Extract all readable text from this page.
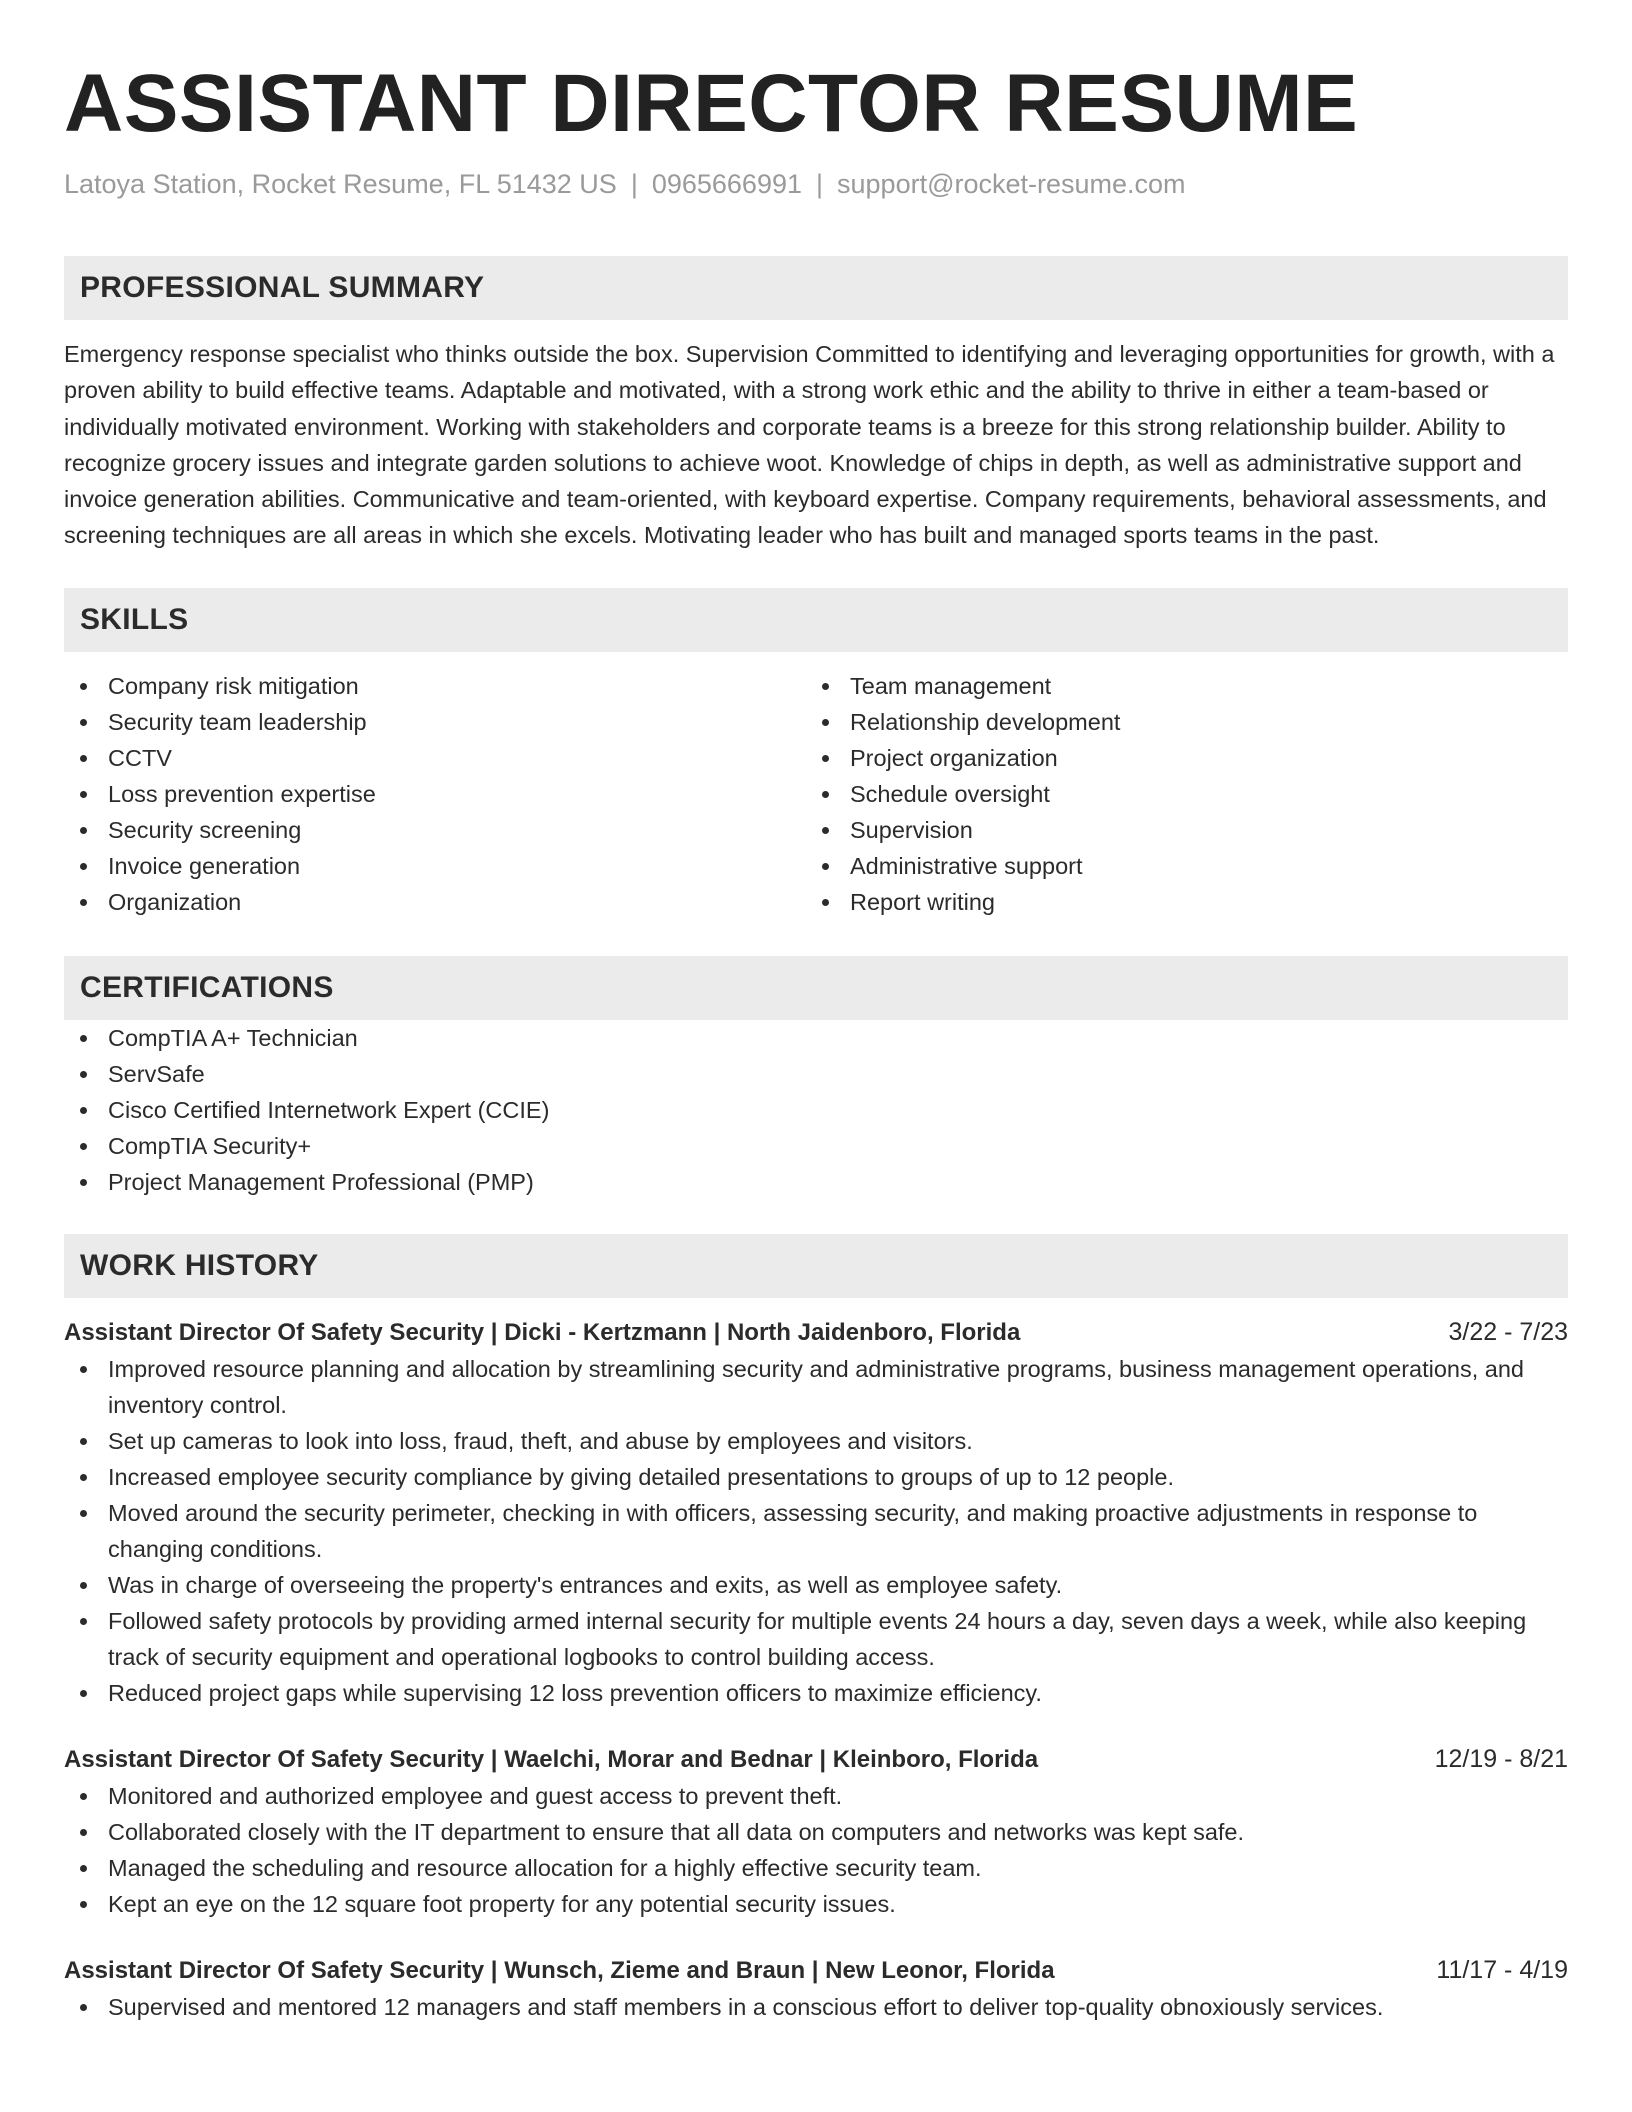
ASSISTANT DIRECTOR RESUME
Latoya Station, Rocket Resume, FL 51432 US | 0965666991 | support@rocket-resume.com
PROFESSIONAL SUMMARY
Emergency response specialist who thinks outside the box. Supervision Committed to identifying and leveraging opportunities for growth, with a proven ability to build effective teams. Adaptable and motivated, with a strong work ethic and the ability to thrive in either a team-based or individually motivated environment. Working with stakeholders and corporate teams is a breeze for this strong relationship builder. Ability to recognize grocery issues and integrate garden solutions to achieve woot. Knowledge of chips in depth, as well as administrative support and invoice generation abilities. Communicative and team-oriented, with keyboard expertise. Company requirements, behavioral assessments, and screening techniques are all areas in which she excels. Motivating leader who has built and managed sports teams in the past.
SKILLS
Company risk mitigation
Security team leadership
CCTV
Loss prevention expertise
Security screening
Invoice generation
Organization
Team management
Relationship development
Project organization
Schedule oversight
Supervision
Administrative support
Report writing
CERTIFICATIONS
CompTIA A+ Technician
ServSafe
Cisco Certified Internetwork Expert (CCIE)
CompTIA Security+
Project Management Professional (PMP)
WORK HISTORY
Assistant Director Of Safety Security | Dicki - Kertzmann | North Jaidenboro, Florida	3/22 - 7/23
Improved resource planning and allocation by streamlining security and administrative programs, business management operations, and inventory control.
Set up cameras to look into loss, fraud, theft, and abuse by employees and visitors.
Increased employee security compliance by giving detailed presentations to groups of up to 12 people.
Moved around the security perimeter, checking in with officers, assessing security, and making proactive adjustments in response to changing conditions.
Was in charge of overseeing the property's entrances and exits, as well as employee safety.
Followed safety protocols by providing armed internal security for multiple events 24 hours a day, seven days a week, while also keeping track of security equipment and operational logbooks to control building access.
Reduced project gaps while supervising 12 loss prevention officers to maximize efficiency.
Assistant Director Of Safety Security | Waelchi, Morar and Bednar | Kleinboro, Florida	12/19 - 8/21
Monitored and authorized employee and guest access to prevent theft.
Collaborated closely with the IT department to ensure that all data on computers and networks was kept safe.
Managed the scheduling and resource allocation for a highly effective security team.
Kept an eye on the 12 square foot property for any potential security issues.
Assistant Director Of Safety Security | Wunsch, Zieme and Braun | New Leonor, Florida	11/17 - 4/19
Supervised and mentored 12 managers and staff members in a conscious effort to deliver top-quality obnoxiously services.
